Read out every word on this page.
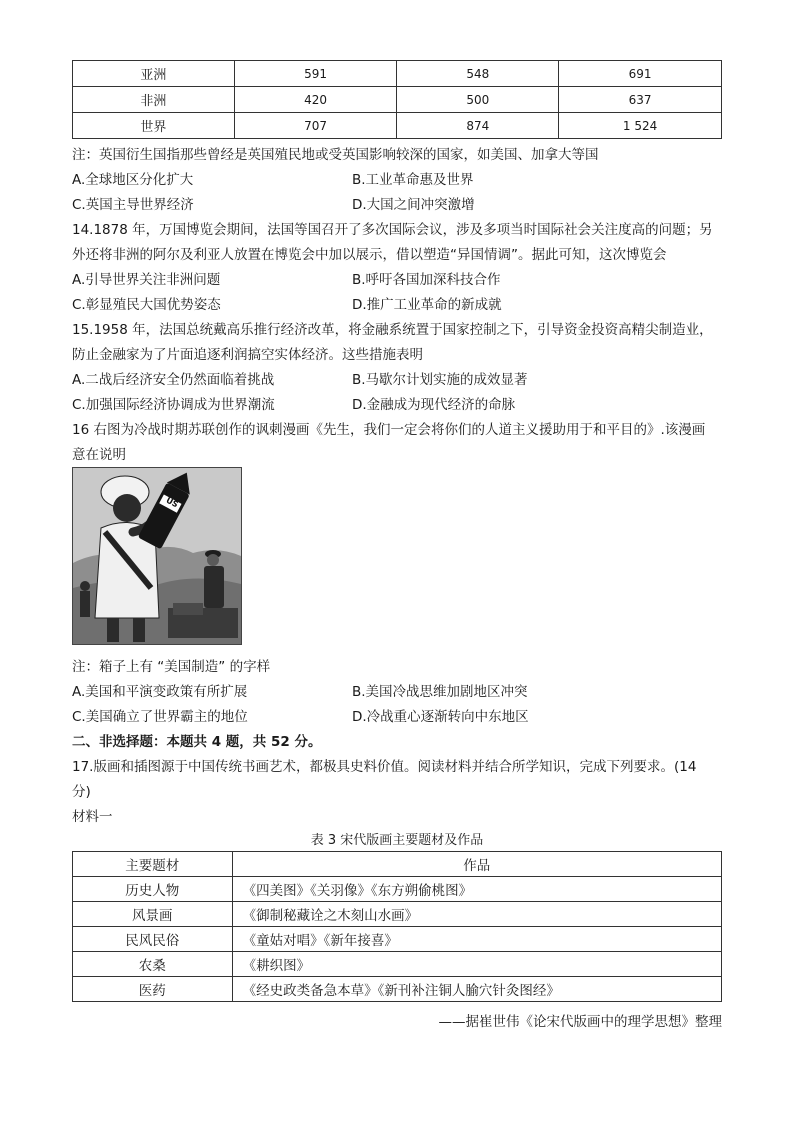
亚洲	591	548	691
非洲	420	500	637
世界	707	874	1 524
注：英国衍生国指那些曾经是英国殖民地或受英国影响较深的国家，如美国、加拿大等国
A.全球地区分化扩大	B.工业革命惠及世界
C.英国主导世界经济	D.大国之间冲突激增
14.1878 年，万国博览会期间，法国等国召开了多次国际会议，涉及多项当时国际社会关注度高的问题；另
外还将非洲的阿尔及利亚人放置在博览会中加以展示，借以塑造“异国情调”。据此可知，这次博览会
A.引导世界关注非洲问题	B.呼吁各国加深科技合作
C.彰显殖民大国优势姿态	D.推广工业革命的新成就
15.1958 年，法国总统戴高乐推行经济改革，将金融系统置于国家控制之下，引导资金投资高精尖制造业，
防止金融家为了片面追逐利润搞空实体经济。这些措施表明
A.二战后经济安全仍然面临着挑战	B.马歇尔计划实施的成效显著
C.加强国际经济协调成为世界潮流	D.金融成为现代经济的命脉
16 右图为冷战时期苏联创作的讽刺漫画《先生，我们一定会将你们的人道主义援助用于和平目的》.该漫画
意在说明
US
注：箱子上有 “美国制造” 的字样
A.美国和平演变政策有所扩展	B.美国冷战思维加剧地区冲突
C.美国确立了世界霸主的地位	D.冷战重心逐渐转向中东地区
二、非选择题：本题共 4 题，共 52 分。
17.版画和插图源于中国传统书画艺术，都极具史料价值。阅读材料并结合所学知识，完成下列要求。(14
分)
材料一
表 3 宋代版画主要题材及作品
主要题材	作品
历史人物	《四美图》《关羽像》《东方朔偷桃图》
风景画	《御制秘藏诠之木刻山水画》
民风民俗	《童姑对唱》《新年接喜》
农桑	《耕织图》
医药	《经史政类备急本草》《新刊补注铜人腧穴针灸图经》
——据崔世伟《论宋代版画中的理学思想》整理
